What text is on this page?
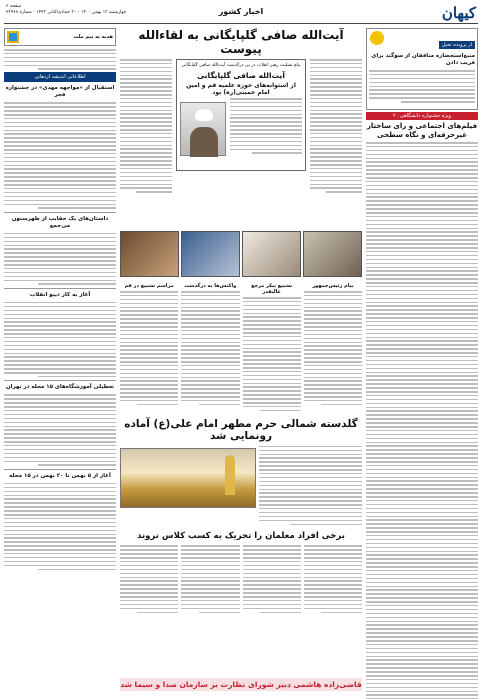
کیهان
اخبار کشور
صفحه ۲
چهارشنبه ۱۳ بهمن ۱۴۰۰ - ۳۰ جمادی‌الثانی ۱۴۴۳ - شماره ۲۲۹۶۸
از پرونده نخیل
منبع‌استحضاره منافقان از سوگند برای فریب دادن
ویژه جشنواره دانشگاهی ۲۰
فیلم‌های اجتماعی و رای ساختار غیرحرفه‌ای و نگاه سطحی
هدیه به تیم ملت
اطلاعاتی اندیشه ازدهانی
استقبال از «مواجهه مهدی» در جشنواره فجر
داستان‌های یک حقایب از ظهرستون می‌جمع
آغاز به کار دیپو انقلاب
تعطیلی آموزشگاه‌های ۱۵ محله در تهران
آغاز از ۵ بهمن تا ۲۰ بهمن در ۱۵ محله
آیت‌الله صافی گلپایگانی به لقاءالله پیوست
پیام تسلیت رهبر انقلاب در پی درگذشت آیت‌الله صافی گلپایگانی
آیت‌الله صافی گلپایگانی
از استوانه‌های حوزه علمیه قم و امین امام خمینی(ره) بود
پیام رئیس‌جمهور
تشییع پیکر مرجع عالیقدر
واکنش‌ها به درگذشت
مراسم تشییع در قم
گلدسته شمالی حرم مطهر امام علی(ع) آماده رونمایی شد
برخی افراد معلمان را تحریک به کسب کلاس نروند
قاضی‌زاده هاشمی دبیر شورای نظارت بر سازمان صدا و سیما شد
